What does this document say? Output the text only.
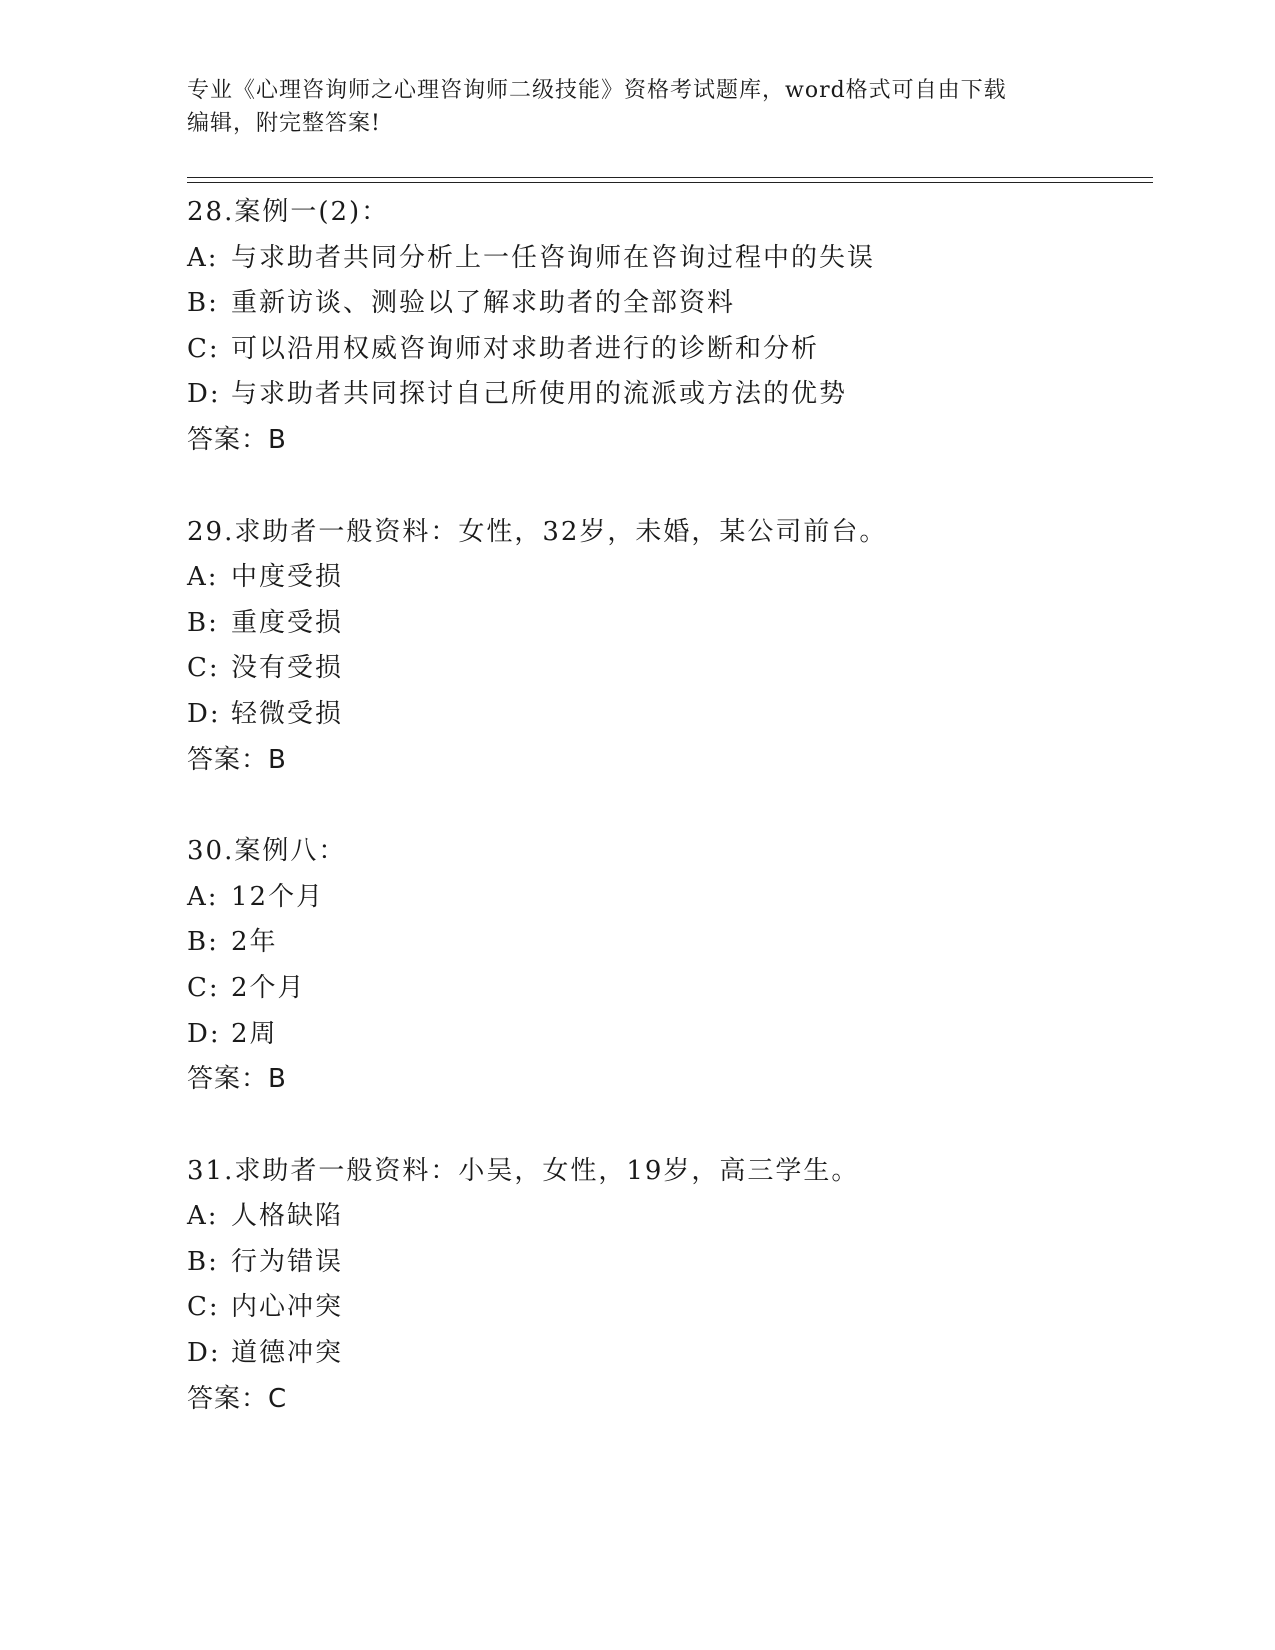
专业《心理咨询师之心理咨询师二级技能》资格考试题库，word格式可自由下载
编辑，附完整答案!
28.案例一(2)：
A: 与求助者共同分析上一任咨询师在咨询过程中的失误
B: 重新访谈、测验以了解求助者的全部资料
C: 可以沿用权威咨询师对求助者进行的诊断和分析
D: 与求助者共同探讨自己所使用的流派或方法的优势
答案：B
29.求助者一般资料：女性，32岁，未婚，某公司前台。
A: 中度受损
B: 重度受损
C: 没有受损
D: 轻微受损
答案：B
30.案例八：
A: 12个月
B: 2年
C: 2个月
D: 2周
答案：B
31.求助者一般资料：小吴，女性，19岁，高三学生。
A: 人格缺陷
B: 行为错误
C: 内心冲突
D: 道德冲突
答案：C
